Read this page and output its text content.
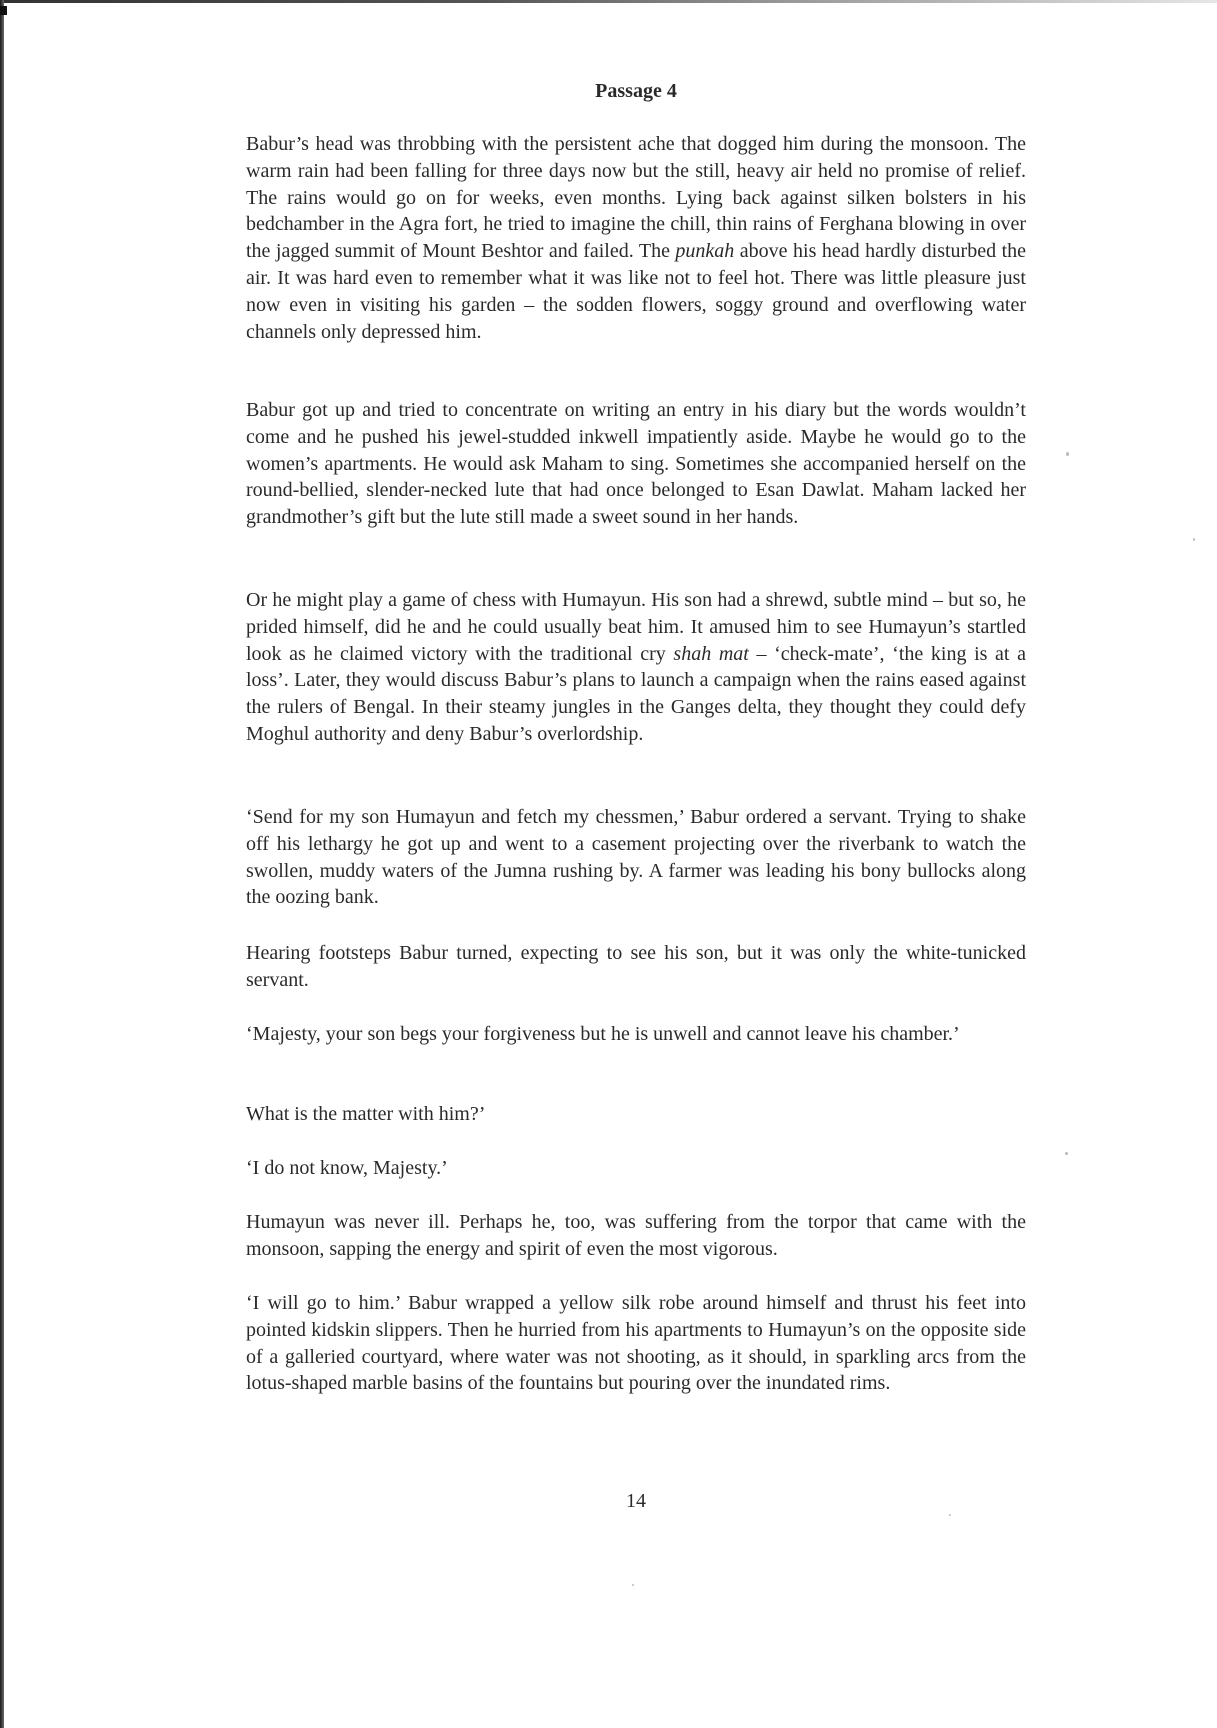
Passage 4

Babur’s head was throbbing with the persistent ache that dogged him during the monsoon. The warm rain had been falling for three days now but the still, heavy air held no promise of relief. The rains would go on for weeks, even months. Lying back against silken bolsters in his bedchamber in the Agra fort, he tried to imagine the chill, thin rains of Ferghana blowing in over the jagged summit of Mount Beshtor and failed. The punkah above his head hardly disturbed the air. It was hard even to remember what it was like not to feel hot. There was little pleasure just now even in visiting his garden – the sodden flowers, soggy ground and overflowing water channels only depressed him.

Babur got up and tried to concentrate on writing an entry in his diary but the words wouldn’t come and he pushed his jewel-studded inkwell impatiently aside. Maybe he would go to the women’s apartments. He would ask Maham to sing. Sometimes she accompanied herself on the round-bellied, slender-necked lute that had once belonged to Esan Dawlat. Maham lacked her grandmother’s gift but the lute still made a sweet sound in her hands.

Or he might play a game of chess with Humayun. His son had a shrewd, subtle mind – but so, he prided himself, did he and he could usually beat him. It amused him to see Humayun’s startled look as he claimed victory with the traditional cry shah mat – ‘check-mate’, ‘the king is at a loss’. Later, they would discuss Babur’s plans to launch a campaign when the rains eased against the rulers of Bengal. In their steamy jungles in the Ganges delta, they thought they could defy Moghul authority and deny Babur’s overlordship.

‘Send for my son Humayun and fetch my chessmen,’ Babur ordered a servant. Trying to shake off his lethargy he got up and went to a casement projecting over the riverbank to watch the swollen, muddy waters of the Jumna rushing by. A farmer was leading his bony bullocks along the oozing bank.

Hearing footsteps Babur turned, expecting to see his son, but it was only the white-tunicked servant.

‘Majesty, your son begs your forgiveness but he is unwell and cannot leave his chamber.’

What is the matter with him?’

‘I do not know, Majesty.’

Humayun was never ill. Perhaps he, too, was suffering from the torpor that came with the monsoon, sapping the energy and spirit of even the most vigorous.

‘I will go to him.’ Babur wrapped a yellow silk robe around himself and thrust his feet into pointed kidskin slippers. Then he hurried from his apartments to Humayun’s on the opposite side of a galleried courtyard, where water was not shooting, as it should, in sparkling arcs from the lotus-shaped marble basins of the fountains but pouring over the inundated rims.

14
